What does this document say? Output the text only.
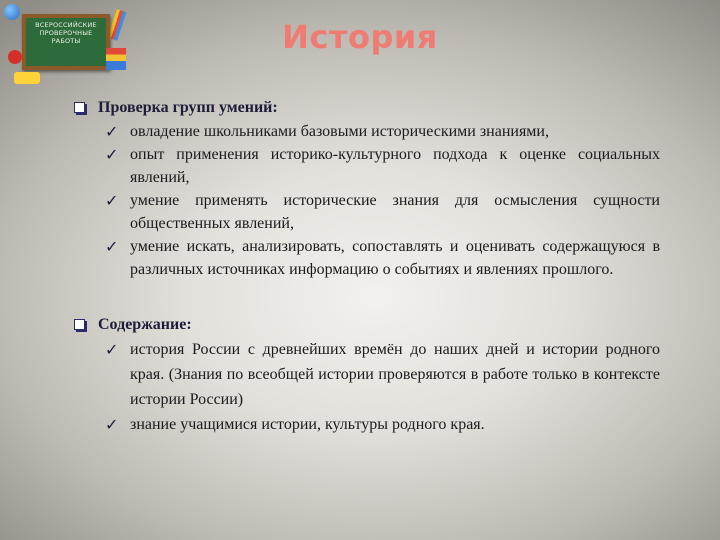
ВСЕРОССИЙСКИЕ ПРОВЕРОЧНЫЕ РАБОТЫ	История
Проверка групп умений:
✓ овладение школьниками базовыми историческими знаниями,
✓ опыт применения историко-культурного подхода к оценке социальных явлений,
✓ умение применять исторические знания для осмысления сущности общественных явлений,
✓ умение искать, анализировать, сопоставлять и оценивать содержащуюся в различных источниках информацию о событиях и явлениях прошлого.
Содержание:
✓ история России с древнейших времён до наших дней и истории родного края. (Знания по всеобщей истории проверяются в работе только в контексте истории России)
✓ знание учащимися истории, культуры родного края.
